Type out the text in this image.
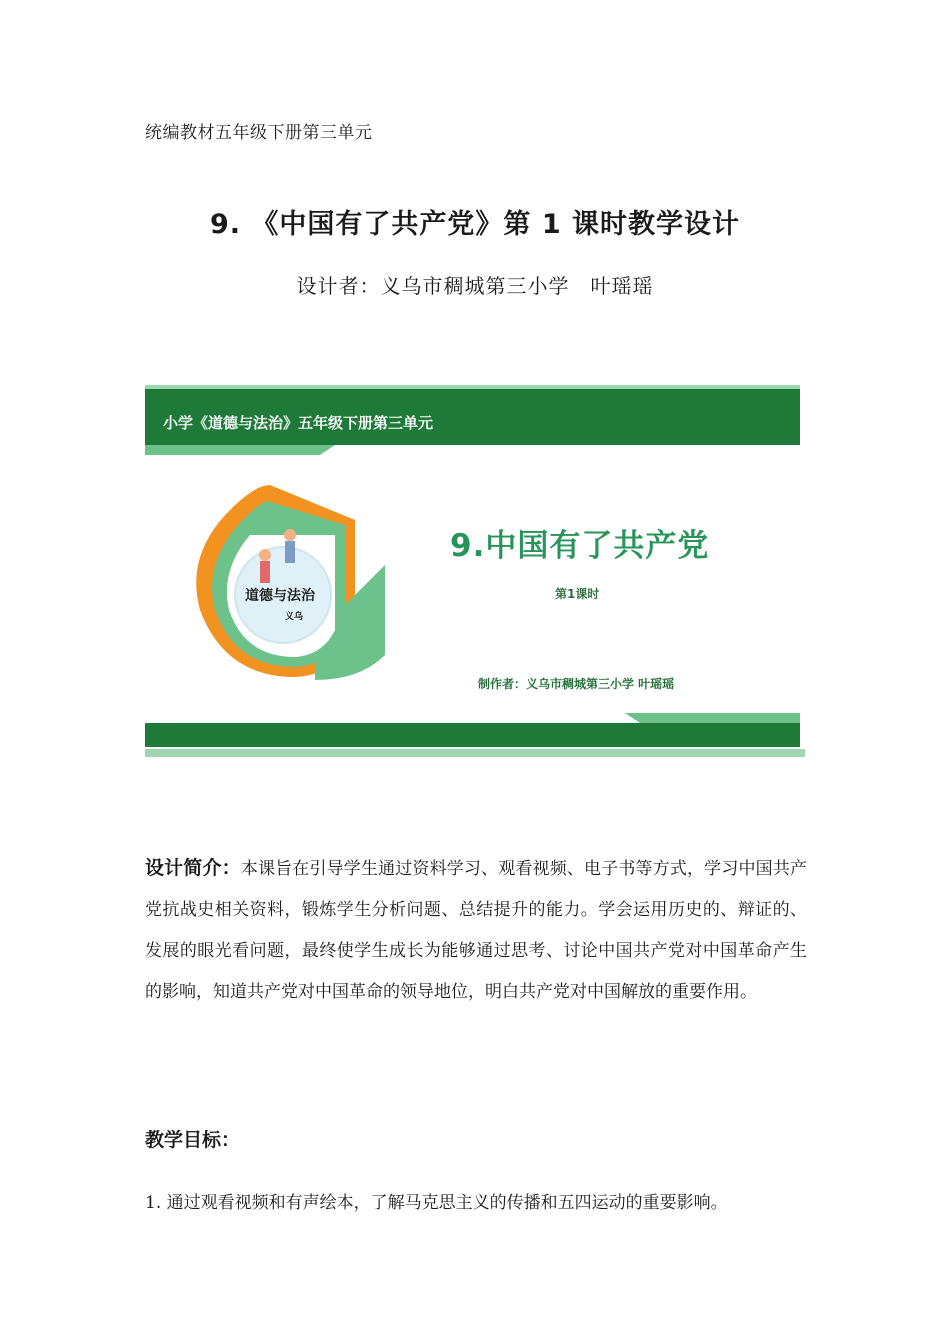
统编教材五年级下册第三单元
9. 《中国有了共产党》第 1 课时教学设计
设计者：义乌市稠城第三小学　叶瑶瑶
小学《道德与法治》五年级下册第三单元
道德与法治
义乌
9.中国有了共产党
第1课时
制作者：义乌市稠城第三小学 叶瑶瑶
设计简介：本课旨在引导学生通过资料学习、观看视频、电子书等方式，学习中国共产党抗战史相关资料，锻炼学生分析问题、总结提升的能力。学会运用历史的、辩证的、发展的眼光看问题，最终使学生成长为能够通过思考、讨论中国共产党对中国革命产生的影响，知道共产党对中国革命的领导地位，明白共产党对中国解放的重要作用。
教学目标：
1. 通过观看视频和有声绘本，了解马克思主义的传播和五四运动的重要影响。
